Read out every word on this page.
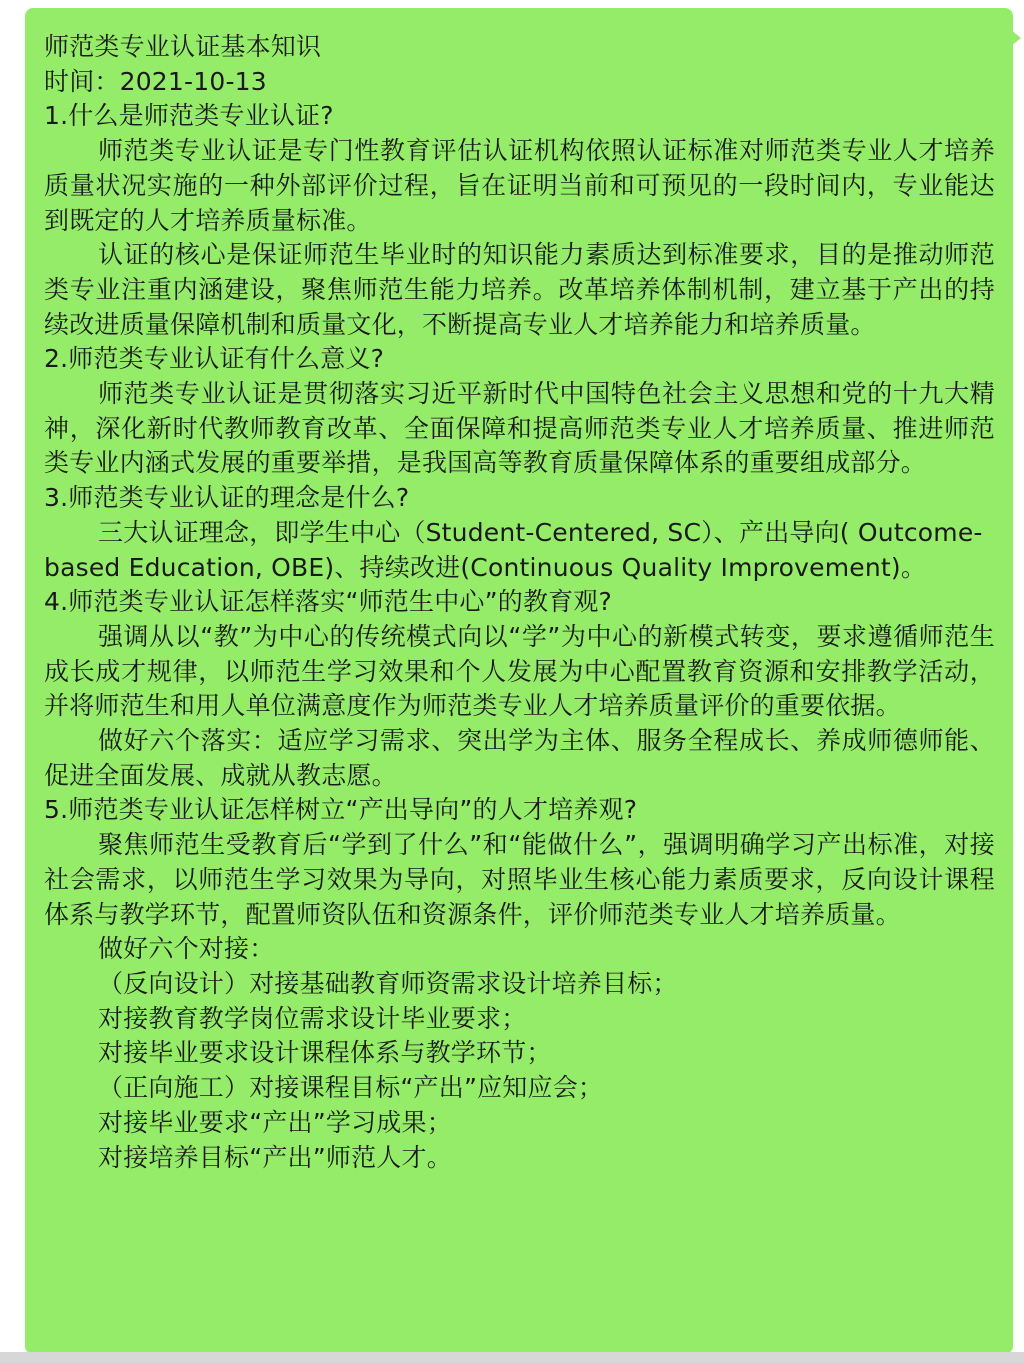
师范类专业认证基本知识

时间：2021-10-13

1.什么是师范类专业认证?

师范类专业认证是专门性教育评估认证机构依照认证标准对师范类专业人才培养质量状况实施的一种外部评价过程，旨在证明当前和可预见的一段时间内，专业能达到既定的人才培养质量标准。

认证的核心是保证师范生毕业时的知识能力素质达到标准要求，目的是推动师范类专业注重内涵建设，聚焦师范生能力培养。改革培养体制机制，建立基于产出的持续改进质量保障机制和质量文化，不断提高专业人才培养能力和培养质量。

2.师范类专业认证有什么意义?

师范类专业认证是贯彻落实习近平新时代中国特色社会主义思想和党的十九大精神，深化新时代教师教育改革、全面保障和提高师范类专业人才培养质量、推进师范类专业内涵式发展的重要举措，是我国高等教育质量保障体系的重要组成部分。

3.师范类专业认证的理念是什么?

三大认证理念，即学生中心（Student-Centered, SC）、产出导向( Outcome-based Education, OBE)、持续改进(Continuous Quality Improvement)。

4.师范类专业认证怎样落实“师范生中心”的教育观?

强调从以“教”为中心的传统模式向以“学”为中心的新模式转变，要求遵循师范生成长成才规律，以师范生学习效果和个人发展为中心配置教育资源和安排教学活动，并将师范生和用人单位满意度作为师范类专业人才培养质量评价的重要依据。

做好六个落实：适应学习需求、突出学为主体、服务全程成长、养成师德师能、促进全面发展、成就从教志愿。

5.师范类专业认证怎样树立“产出导向”的人才培养观?

聚焦师范生受教育后“学到了什么”和“能做什么”，强调明确学习产出标准，对接社会需求，以师范生学习效果为导向，对照毕业生核心能力素质要求，反向设计课程体系与教学环节，配置师资队伍和资源条件，评价师范类专业人才培养质量。

做好六个对接：

（反向设计）对接基础教育师资需求设计培养目标；

对接教育教学岗位需求设计毕业要求；

对接毕业要求设计课程体系与教学环节；

（正向施工）对接课程目标“产出”应知应会；

对接毕业要求“产出”学习成果；

对接培养目标“产出”师范人才。
